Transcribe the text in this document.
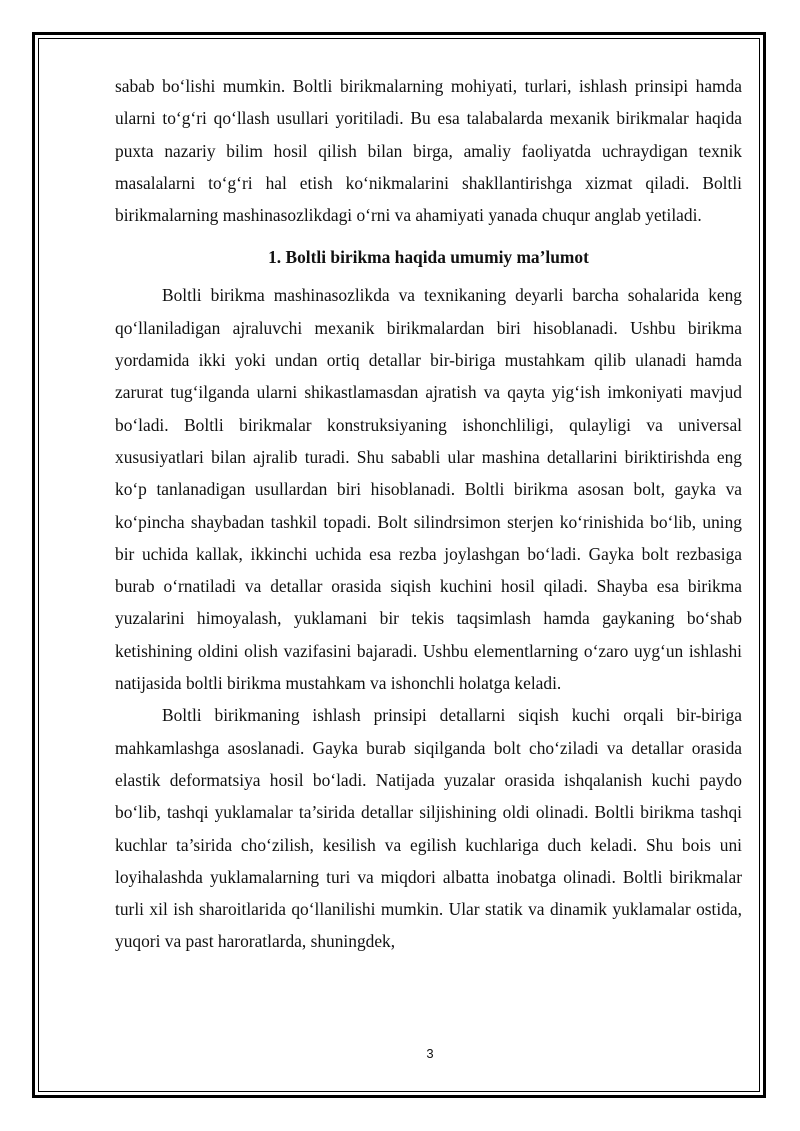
sabab bo‘lishi mumkin. Boltli birikmalarning mohiyati, turlari, ishlash prinsipi hamda ularni to‘g‘ri qo‘llash usullari yoritiladi. Bu esa talabalarda mexanik birikmalar haqida puxta nazariy bilim hosil qilish bilan birga, amaliy faoliyatda uchraydigan texnik masalalarni to‘g‘ri hal etish ko‘nikmalarini shakllantirishga xizmat qiladi. Boltli birikmalarning mashinasozlikdagi o‘rni va ahamiyati yanada chuqur anglab yetiladi.

1. Boltli birikma haqida umumiy ma’lumot

Boltli birikma mashinasozlikda va texnikaning deyarli barcha sohalarida keng qo‘llaniladigan ajraluvchi mexanik birikmalardan biri hisoblanadi. Ushbu birikma yordamida ikki yoki undan ortiq detallar bir-biriga mustahkam qilib ulanadi hamda zarurat tug‘ilganda ularni shikastlamasdan ajratish va qayta yig‘ish imkoniyati mavjud bo‘ladi. Boltli birikmalar konstruksiyaning ishonchliligi, qulayligi va universal xususiyatlari bilan ajralib turadi. Shu sababli ular mashina detallarini biriktirishda eng ko‘p tanlanadigan usullardan biri hisoblanadi. Boltli birikma asosan bolt, gayka va ko‘pincha shaybadan tashkil topadi. Bolt silindrsimon sterjen ko‘rinishida bo‘lib, uning bir uchida kallak, ikkinchi uchida esa rezba joylashgan bo‘ladi. Gayka bolt rezbasiga burab o‘rnatiladi va detallar orasida siqish kuchini hosil qiladi. Shayba esa birikma yuzalarini himoyalash, yuklamani bir tekis taqsimlash hamda gaykaning bo‘shab ketishining oldini olish vazifasini bajaradi. Ushbu elementlarning o‘zaro uyg‘un ishlashi natijasida boltli birikma mustahkam va ishonchli holatga keladi.

Boltli birikmaning ishlash prinsipi detallarni siqish kuchi orqali bir-biriga mahkamlashga asoslanadi. Gayka burab siqilganda bolt cho‘ziladi va detallar orasida elastik deformatsiya hosil bo‘ladi. Natijada yuzalar orasida ishqalanish kuchi paydo bo‘lib, tashqi yuklamalar ta’sirida detallar siljishining oldi olinadi. Boltli birikma tashqi kuchlar ta’sirida cho‘zilish, kesilish va egilish kuchlariga duch keladi. Shu bois uni loyihalashda yuklamalarning turi va miqdori albatta inobatga olinadi. Boltli birikmalar turli xil ish sharoitlarida qo‘llanilishi mumkin. Ular statik va dinamik yuklamalar ostida, yuqori va past haroratlarda, shuningdek,

3
